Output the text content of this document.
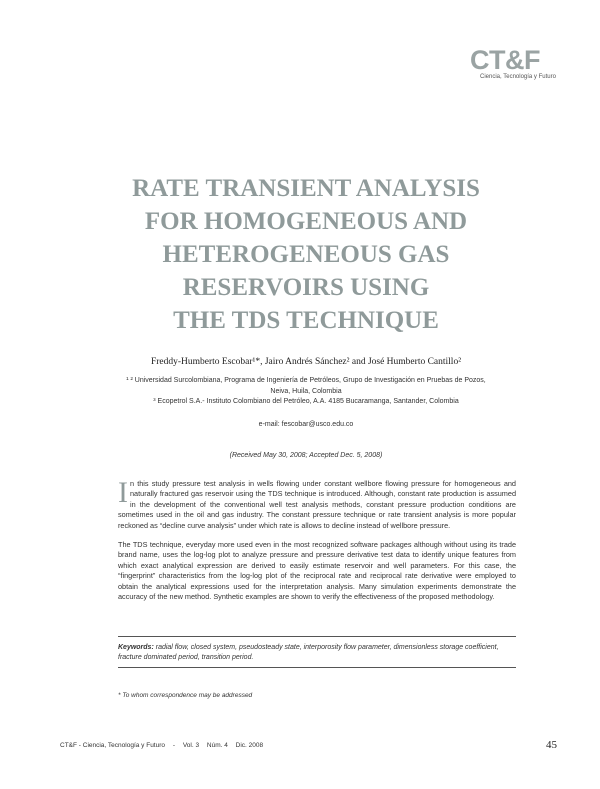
CT&F
Ciencia, Tecnología y Futuro
RATE TRANSIENT ANALYSIS
FOR HOMOGENEOUS AND
HETEROGENEOUS GAS
RESERVOIRS USING
THE TDS TECHNIQUE
Freddy-Humberto Escobar¹*, Jairo Andrés Sánchez² and José Humberto Cantillo²
¹ ² Universidad Surcolombiana, Programa de Ingeniería de Petróleos, Grupo de Investigación en Pruebas de Pozos,
Neiva, Huila, Colombia
³ Ecopetrol S.A.- Instituto Colombiano del Petróleo, A.A. 4185 Bucaramanga, Santander, Colombia
e-mail: fescobar@usco.edu.co
(Received May 30, 2008; Accepted Dec. 5, 2008)

In this study pressure test analysis in wells flowing under constant wellbore flowing pressure for homogeneous and naturally fractured gas reservoir using the TDS technique is introduced. Although, constant rate production is assumed in the development of the conventional well test analysis methods, constant pressure production conditions are sometimes used in the oil and gas industry. The constant pressure technique or rate transient analysis is more popular reckoned as “decline curve analysis” under which rate is allows to decline instead of wellbore pressure.

The TDS technique, everyday more used even in the most recognized software packages although without using its trade brand name, uses the log-log plot to analyze pressure and pressure derivative test data to identify unique features from which exact analytical expression are derived to easily estimate reservoir and well parameters. For this case, the “fingerprint” characteristics from the log-log plot of the reciprocal rate and reciprocal rate derivative were employed to obtain the analytical expressions used for the interpretation analysis. Many simulation experiments demonstrate the accuracy of the new method. Synthetic examples are shown to verify the effectiveness of the proposed methodology.

Keywords: radial flow, closed system, pseudosteady state, interporosity flow parameter, dimensionless storage coefficient, fracture dominated period, transition period.
* To whom correspondence may be addressed
CT&F - Ciencia, Tecnología y Futuro - Vol. 3 Núm. 4 Dic. 2008	45
